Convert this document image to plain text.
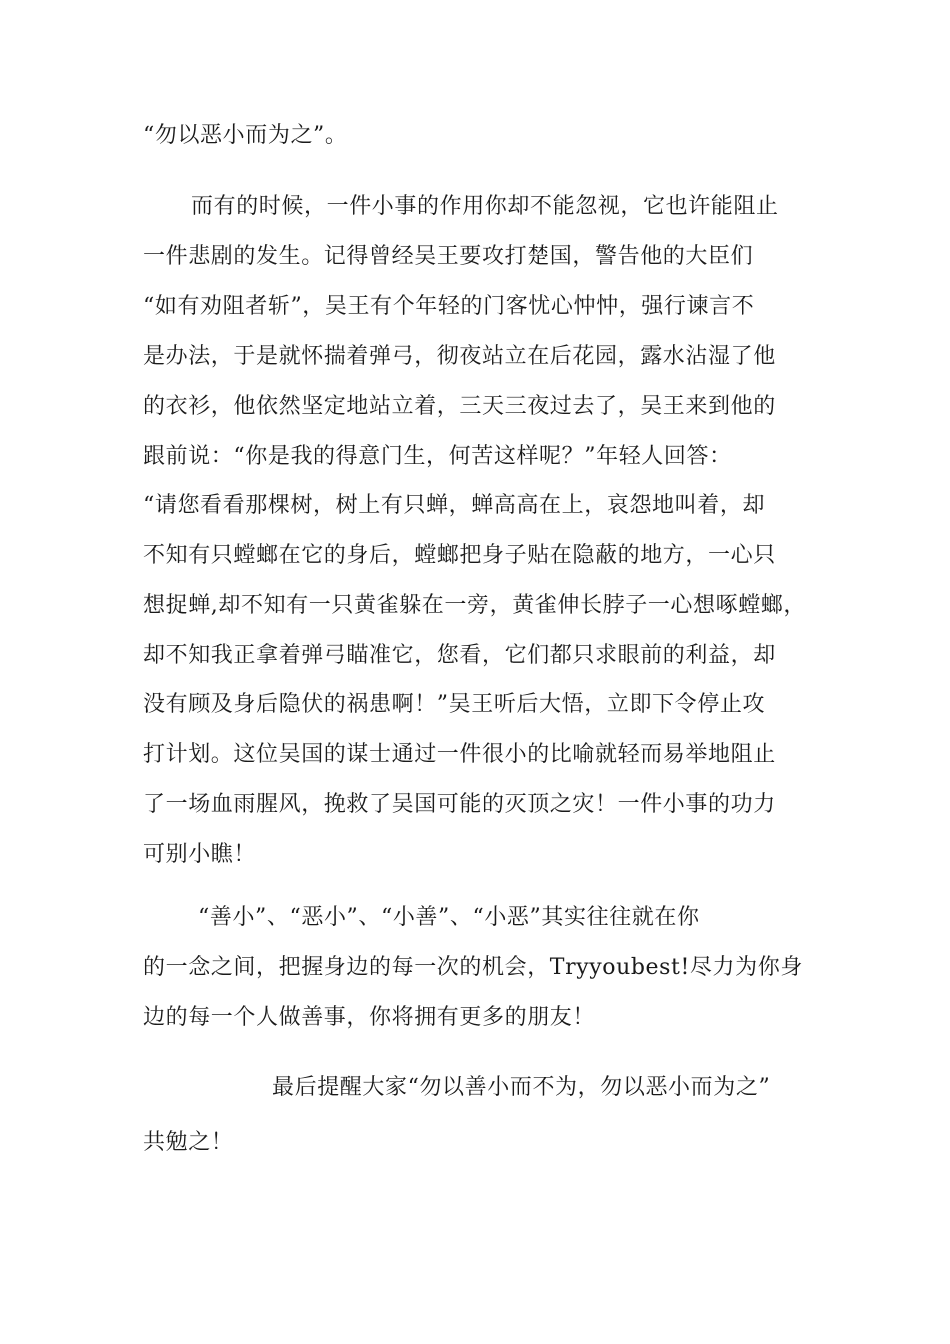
“勿以恶小而为之”。

而有的时候，一件小事的作用你却不能忽视，它也许能阻止

一件悲剧的发生。记得曾经吴王要攻打楚国，警告他的大臣们

“如有劝阻者斩”，吴王有个年轻的门客忧心忡忡，强行谏言不

是办法，于是就怀揣着弹弓，彻夜站立在后花园，露水沾湿了他

的衣衫，他依然坚定地站立着，三天三夜过去了，吴王来到他的

跟前说：“你是我的得意门生，何苦这样呢？”年轻人回答：

“请您看看那棵树，树上有只蝉，蝉高高在上，哀怨地叫着，却

不知有只螳螂在它的身后，螳螂把身子贴在隐蔽的地方，一心只

想捉蝉,却不知有一只黄雀躲在一旁，黄雀伸长脖子一心想啄螳螂，

却不知我正拿着弹弓瞄准它，您看，它们都只求眼前的利益，却

没有顾及身后隐伏的祸患啊！”吴王听后大悟，立即下令停止攻

打计划。这位吴国的谋士通过一件很小的比喻就轻而易举地阻止

了一场血雨腥风，挽救了吴国可能的灭顶之灾！一件小事的功力

可别小瞧！

“善小”、“恶小”、“小善”、“小恶”其实往往就在你

的一念之间，把握身边的每一次的机会，Tryyoubest!尽力为你身

边的每一个人做善事，你将拥有更多的朋友！

最后提醒大家“勿以善小而不为，勿以恶小而为之”

共勉之！
